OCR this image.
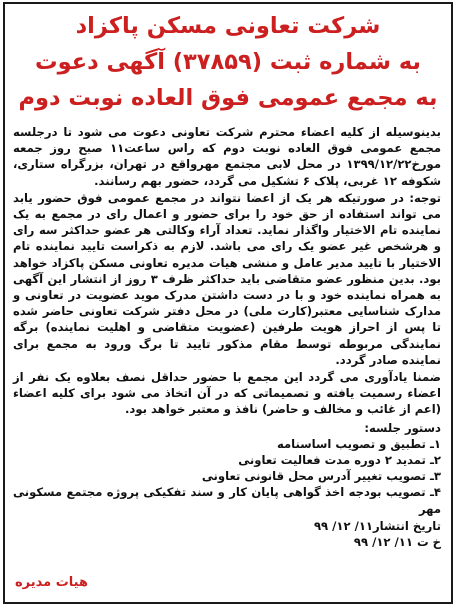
شرکت تعاونی مسکن پاکزاد
به شماره ثبت (۳۷۸۵۹) آگهی دعوت
به مجمع عمومی فوق العاده نوبت دوم

بدینوسیله از کلیه اعضاء محترم شرکت تعاونی دعوت می شود تا درجلسه مجمع عمومی فوق العاده نوبت دوم که راس ساعت۱۱ صبح روز جمعه مورخ۱۳۹۹/۱۲/۲۲ در محل لابی مجتمع مهرواقع در تهران، بزرگراه ستاری، شکوفه ۱۲ غربی، پلاک ۶ تشکیل می گردد، حضور بهم رسانند.

توجه: در صورتیکه هر یک از اعضا نتواند در مجمع عمومی فوق حضور یابد می تواند استفاده از حق خود را برای حضور و اعمال رای در مجمع به یک نماینده تام الاختیار واگذار نماید. تعداد آراء وکالتی هر عضو حداکثر سه رای و هرشخص غیر عضو یک رای می باشد. لازم به ذکراست تایید نماینده تام الاختیار با تایید مدیر عامل و منشی هیات مدیره تعاونی مسکن پاکزاد خواهد بود. بدین منظور عضو متقاضی باید حداکثر ظرف ۳ روز از انتشار این آگهی به همراه نماینده خود و با در دست داشتن مدرک موید عضویت در تعاونی و مدارک شناسایی معتبر(کارت ملی) در محل دفتر شرکت تعاونی حاضر شده تا پس از احراز هویت طرفین (عضویت متقاضی و اهلیت نماینده) برگه نمایندگی مربوطه توسط مقام مذکور تایید تا برگ ورود به مجمع برای نماینده صادر گردد.

ضمنا یادآوری می گردد این مجمع با حضور حداقل نصف بعلاوه یک نفر از اعضاء رسمیت یافته و تصمیماتی که در آن اتخاذ می شود برای کلیه اعضاء (اعم از غائب و مخالف و حاضر) نافذ و معتبر خواهد بود.

دستور جلسه:
۱ـ تطبیق و تصویب اساسنامه
۲ـ تمدید ۲ دوره مدت فعالیت تعاونی
۳ـ تصویب تغییر آدرس محل قانونی تعاونی
۴ـ تصویب بودجه اخذ گواهی پایان کار و سند تفکیکی پروژه مجتمع مسکونی مهر
تاریخ انتشار۱۱/ ۱۲/ ۹۹
خ ت ۱۱/ ۱۲/ ۹۹
هیات مدیره
